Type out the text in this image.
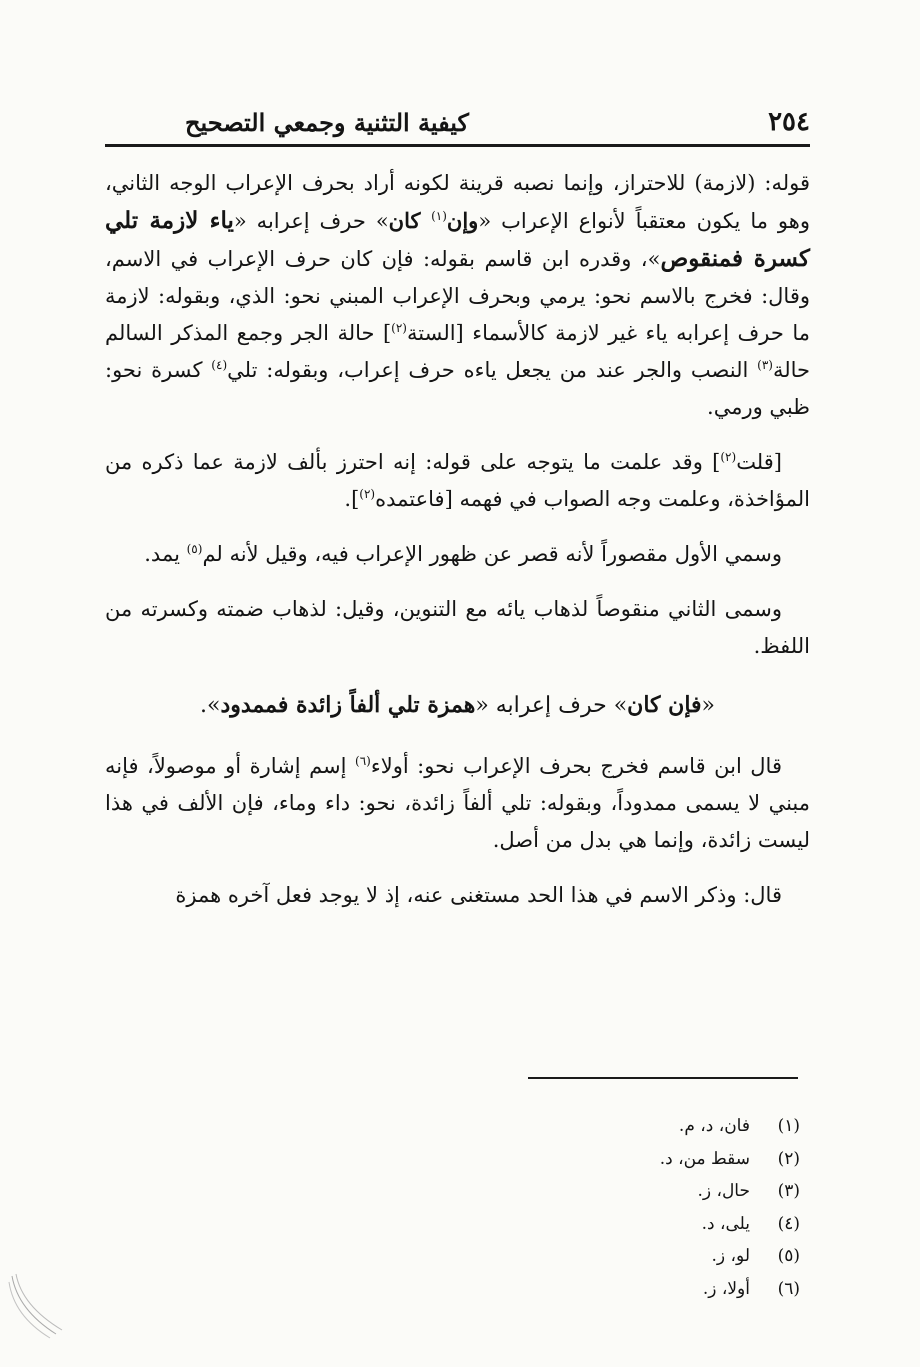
٢٥٤
كيفية التثنية وجمعي التصحيح

قوله: (لازمة) للاحتراز، وإنما نصبه قرينة لكونه أراد بحرف الإعراب الوجه الثاني، وهو ما يكون معتقباً لأنواع الإعراب «وإن$^{(١)}$ كان» حرف إعرابه «ياء لازمة تلي كسرة فمنقوص»، وقدره ابن قاسم بقوله: فإن كان حرف الإعراب في الاسم، وقال: فخرج بالاسم نحو: يرمي وبحرف الإعراب المبني نحو: الذي، وبقوله: لازمة ما حرف إعرابه ياء غير لازمة كالأسماء [الستة$^{(٢)}$] حالة الجر وجمع المذكر السالم حالة$^{(٣)}$ النصب والجر عند من يجعل ياءه حرف إعراب، وبقوله: تلي$^{(٤)}$ كسرة نحو: ظبي ورمي.

[قلت$^{(٢)}$] وقد علمت ما يتوجه على قوله: إنه احترز بألف لازمة عما ذكره من المؤاخذة، وعلمت وجه الصواب في فهمه [فاعتمده$^{(٢)}$].

وسمي الأول مقصوراً لأنه قصر عن ظهور الإعراب فيه، وقيل لأنه لم$^{(٥)}$ يمد.

وسمى الثاني منقوصاً لذهاب يائه مع التنوين، وقيل: لذهاب ضمته وكسرته من اللفظ.

«فإن كان» حرف إعرابه «همزة تلي ألفاً زائدة فممدود».

قال ابن قاسم فخرج بحرف الإعراب نحو: أولاء$^{(٦)}$ إسم إشارة أو موصولاً، فإنه مبني لا يسمى ممدوداً، وبقوله: تلي ألفاً زائدة، نحو: داء وماء، فإن الألف في هذا ليست زائدة، وإنما هي بدل من أصل.

قال: وذكر الاسم في هذا الحد مستغنى عنه، إذ لا يوجد فعل آخره همزة

(١)
فان، د، م.
(٢)
سقط من، د.
(٣)
حال، ز.
(٤)
يلى، د.
(٥)
لو، ز.
(٦)
أولا، ز.
